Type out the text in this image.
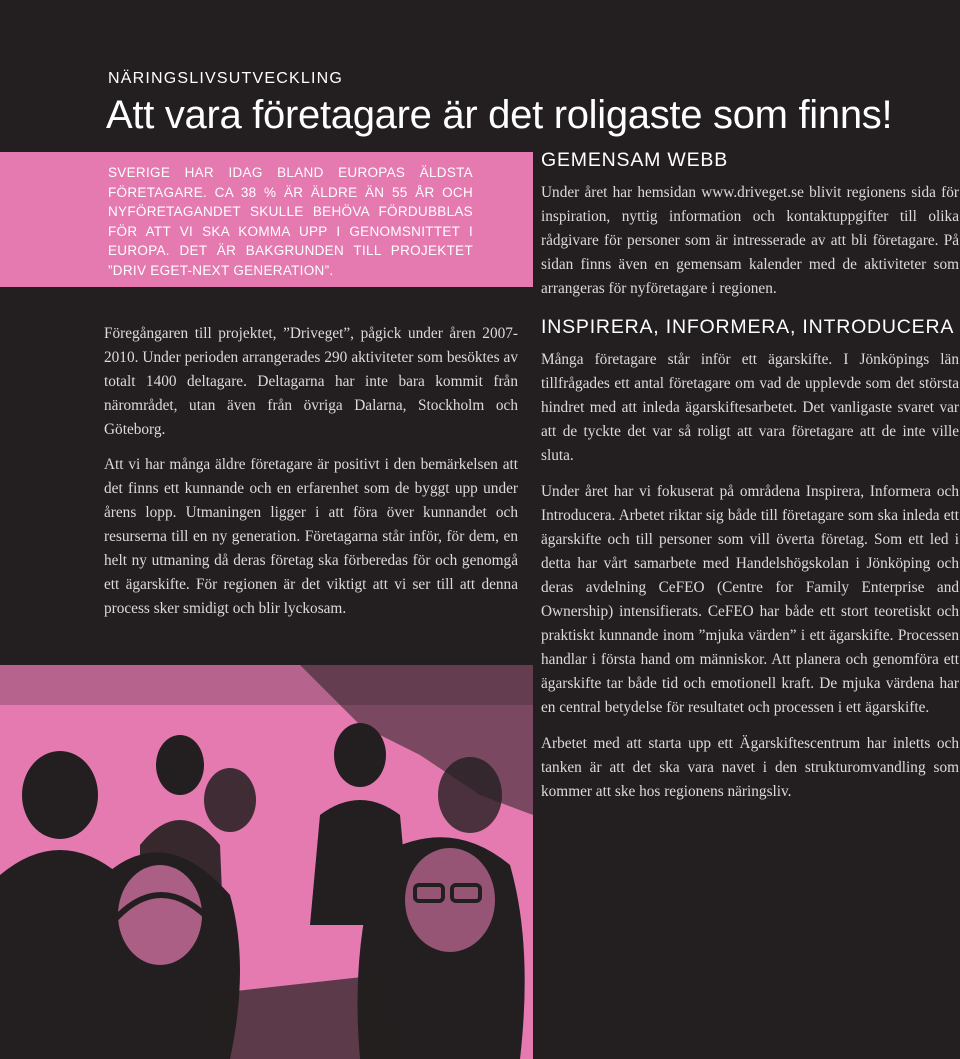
NÄRINGSLIVSUTVECKLING
Att vara företagare är det roligaste som finns!

SVERIGE HAR IDAG BLAND EUROPAS ÄLDSTA FÖRETAGARE. CA 38 % ÄR ÄLDRE ÄN 55 ÅR OCH NYFÖRETAGANDET SKULLE BEHÖVA FÖRDUBBLAS FÖR ATT VI SKA KOMMA UPP I GENOMSNITTET I EUROPA. DET ÄR BAKGRUNDEN TILL PROJEKTET ”DRIV EGET-NEXT GENERATION”.

Föregångaren till projektet, ”Driveget”, pågick under åren 2007-2010. Under perioden arrangerades 290 aktiviteter som besöktes av totalt 1400 deltagare. Deltagarna har inte bara kommit från närområdet, utan även från övriga Dalarna, Stockholm och Göteborg.

Att vi har många äldre företagare är positivt i den bemärkelsen att det finns ett kunnande och en erfarenhet som de byggt upp under årens lopp. Utmaningen ligger i att föra över kunnandet och resurserna till en ny generation. Företagarna står inför, för dem, en helt ny utmaning då deras företag ska förberedas för och genomgå ett ägarskifte. För regionen är det viktigt att vi ser till att denna process sker smidigt och blir lyckosam.

GEMENSAM WEBB

Under året har hemsidan www.driveget.se blivit regionens sida för inspiration, nyttig information och kontaktuppgifter till olika rådgivare för personer som är intresserade av att bli företagare. På sidan finns även en gemensam kalender med de aktiviteter som arrangeras för nyföretagare i regionen.

INSPIRERA, INFORMERA, INTRODUCERA

Många företagare står inför ett ägarskifte. I Jönköpings län tillfrågades ett antal företagare om vad de upplevde som det största hindret med att inleda ägarskiftesarbetet. Det vanligaste svaret var att de tyckte det var så roligt att vara företagare att de inte ville sluta.

Under året har vi fokuserat på områdena Inspirera, Informera och Introducera. Arbetet riktar sig både till företagare som ska inleda ett ägarskifte och till personer som vill överta företag. Som ett led i detta har vårt samarbete med Handelshögskolan i Jönköping och deras avdelning CeFEO (Centre for Family Enterprise and Ownership) intensifierats. CeFEO har både ett stort teoretiskt och praktiskt kunnande inom ”mjuka värden” i ett ägarskifte. Processen handlar i första hand om människor. Att planera och genomföra ett ägarskifte tar både tid och emotionell kraft. De mjuka värdena har en central betydelse för resultatet och processen i ett ägarskifte.

Arbetet med att starta upp ett Ägarskiftescentrum har inletts och tanken är att det ska vara navet i den strukturomvandling som kommer att ske hos regionens näringsliv.
